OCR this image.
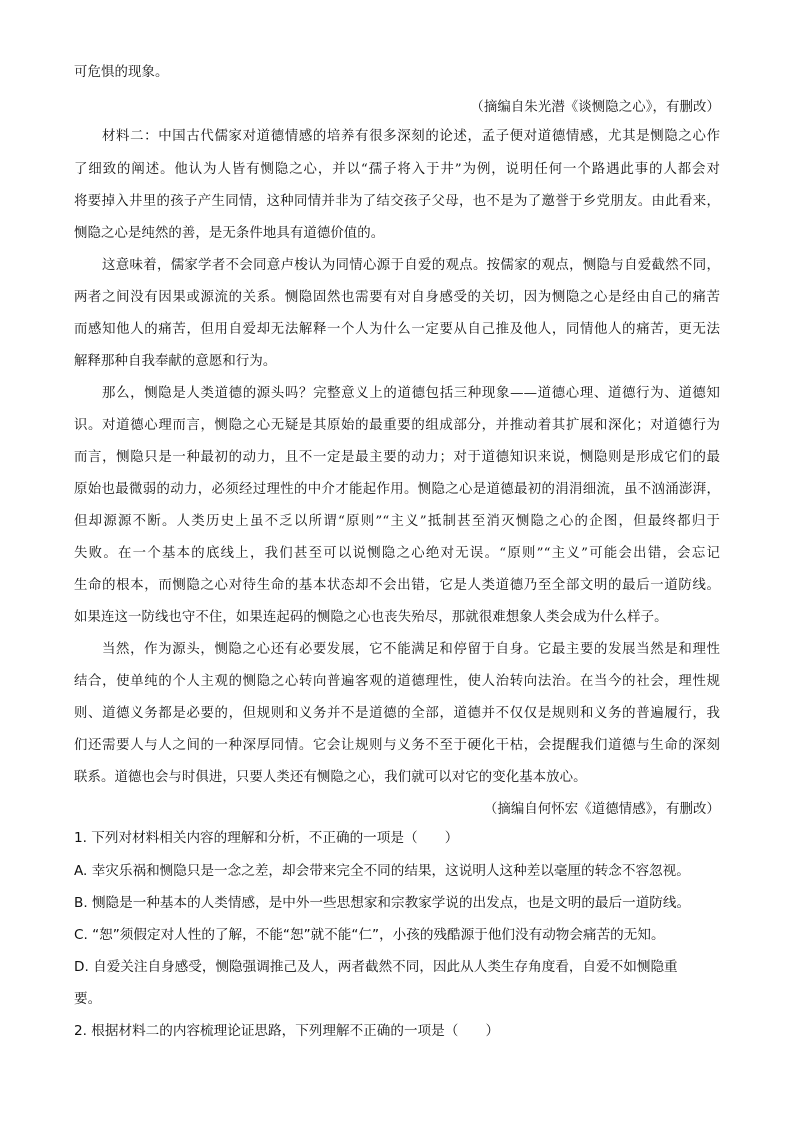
可危惧的现象。
（摘编自朱光潜《谈恻隐之心》，有删改）
材料二：中国古代儒家对道德情感的培养有很多深刻的论述，孟子便对道德情感，尤其是恻隐之心作
了细致的阐述。他认为人皆有恻隐之心，并以“孺子将入于井”为例，说明任何一个路遇此事的人都会对
将要掉入井里的孩子产生同情，这种同情并非为了结交孩子父母，也不是为了邀誉于乡党朋友。由此看来，
恻隐之心是纯然的善，是无条件地具有道德价值的。
这意味着，儒家学者不会同意卢梭认为同情心源于自爱的观点。按儒家的观点，恻隐与自爱截然不同，
两者之间没有因果或源流的关系。恻隐固然也需要有对自身感受的关切，因为恻隐之心是经由自己的痛苦
而感知他人的痛苦，但用自爱却无法解释一个人为什么一定要从自己推及他人，同情他人的痛苦，更无法
解释那种自我奉献的意愿和行为。
那么，恻隐是人类道德的源头吗？完整意义上的道德包括三种现象——道德心理、道德行为、道德知
识。对道德心理而言，恻隐之心无疑是其原始的最重要的组成部分，并推动着其扩展和深化；对道德行为
而言，恻隐只是一种最初的动力，且不一定是最主要的动力；对于道德知识来说，恻隐则是形成它们的最
原始也最微弱的动力，必须经过理性的中介才能起作用。恻隐之心是道德最初的涓涓细流，虽不汹涌澎湃，
但却源源不断。人类历史上虽不乏以所谓“原则”“主义”抵制甚至消灭恻隐之心的企图，但最终都归于
失败。在一个基本的底线上，我们甚至可以说恻隐之心绝对无误。“原则”“主义”可能会出错，会忘记
生命的根本，而恻隐之心对待生命的基本状态却不会出错，它是人类道德乃至全部文明的最后一道防线。
如果连这一防线也守不住，如果连起码的恻隐之心也丧失殆尽，那就很难想象人类会成为什么样子。
当然，作为源头，恻隐之心还有必要发展，它不能满足和停留于自身。它最主要的发展当然是和理性
结合，使单纯的个人主观的恻隐之心转向普遍客观的道德理性，使人治转向法治。在当今的社会，理性规
则、道德义务都是必要的，但规则和义务并不是道德的全部，道德并不仅仅是规则和义务的普遍履行，我
们还需要人与人之间的一种深厚同情。它会让规则与义务不至于硬化干枯，会提醒我们道德与生命的深刻
联系。道德也会与时俱进，只要人类还有恻隐之心，我们就可以对它的变化基本放心。
（摘编自何怀宏《道德情感》，有删改）
1. 下列对材料相关内容的理解和分析，不正确的一项是（　　）
A. 幸灾乐祸和恻隐只是一念之差，却会带来完全不同的结果，这说明人这种差以毫厘的转念不容忽视。
B. 恻隐是一种基本的人类情感，是中外一些思想家和宗教家学说的出发点，也是文明的最后一道防线。
C. “恕”须假定对人性的了解，不能“恕”就不能“仁”，小孩的残酷源于他们没有动物会痛苦的无知。
D. 自爱关注自身感受，恻隐强调推己及人，两者截然不同，因此从人类生存角度看，自爱不如恻隐重
要。
2. 根据材料二的内容梳理论证思路，下列理解不正确的一项是（　　）
